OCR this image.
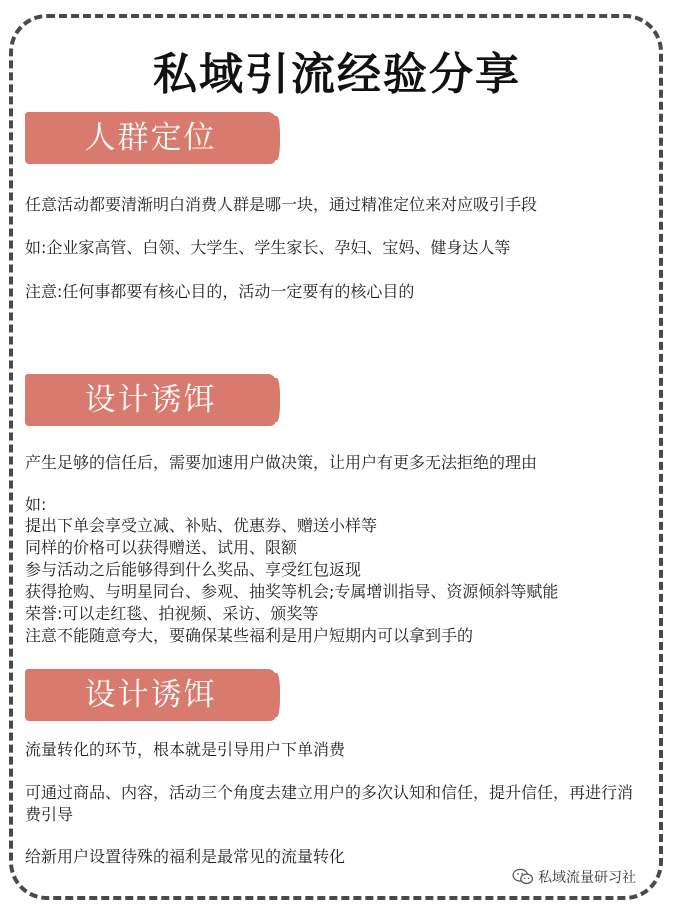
私域引流经验分享
人群定位

任意活动都要清渐明白消费人群是哪一块，通过精准定位来对应吸引手段

如:企业家高管、白领、大学生、学生家长、孕妇、宝妈、健身达人等

注意:任何事都要有核心目的，活动一定要有的核心目的

设计诱饵

产生足够的信任后，需要加速用户做决策，让用户有更多无法拒绝的理由

如:

提出下单会享受立减、补贴、优惠券、赠送小样等

同样的价格可以获得赠送、试用、限额

参与活动之后能够得到什么奖品、享受红包返现

获得抢购、与明星同台、参观、抽奖等机会;专属增训指导、资源倾斜等赋能

荣誉:可以走红毯、拍视频、采访、颁奖等

注意不能随意夸大，要确保某些福利是用户短期内可以拿到手的

设计诱饵

流量转化的环节，根本就是引导用户下单消费

可通过商品、内容，活动三个角度去建立用户的多次认知和信任，提升信任，再进行消费引导

给新用户设置待殊的福利是最常见的流量转化

私域流量研习社
